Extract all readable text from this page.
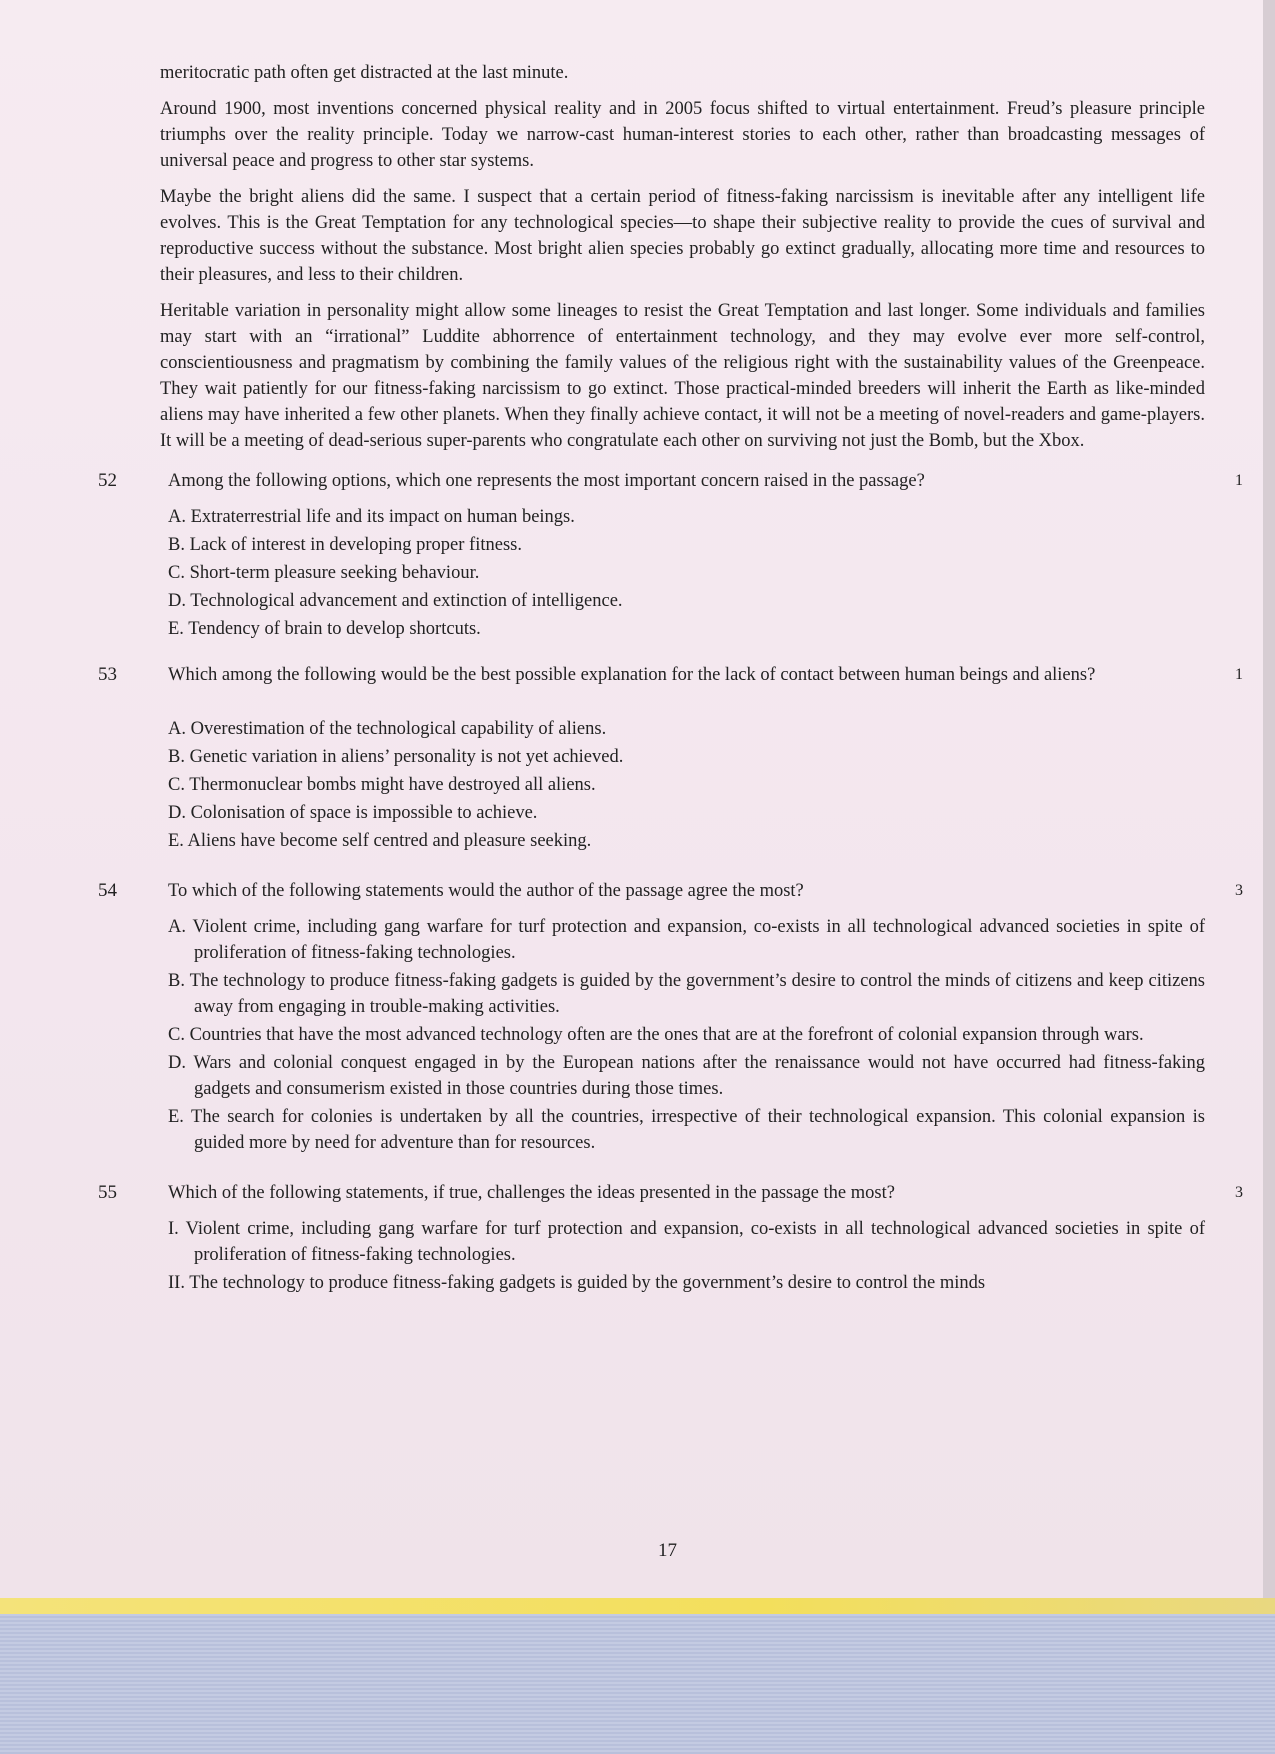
meritocratic path often get distracted at the last minute.

Around 1900, most inventions concerned physical reality and in 2005 focus shifted to virtual entertainment. Freud’s pleasure principle triumphs over the reality principle. Today we narrow-cast human-interest stories to each other, rather than broadcasting messages of universal peace and progress to other star systems.

Maybe the bright aliens did the same. I suspect that a certain period of fitness-faking narcissism is inevitable after any intelligent life evolves. This is the Great Temptation for any technological species—to shape their subjective reality to provide the cues of survival and reproductive success without the substance. Most bright alien species probably go extinct gradually, allocating more time and resources to their pleasures, and less to their children.

Heritable variation in personality might allow some lineages to resist the Great Temptation and last longer. Some individuals and families may start with an “irrational” Luddite abhorrence of entertainment technology, and they may evolve ever more self-control, conscientiousness and pragmatism by combining the family values of the religious right with the sustainability values of the Greenpeace. They wait patiently for our fitness-faking narcissism to go extinct. Those practical-minded breeders will inherit the Earth as like-minded aliens may have inherited a few other planets. When they finally achieve contact, it will not be a meeting of novel-readers and game-players. It will be a meeting of dead-serious super-parents who congratulate each other on surviving not just the Bomb, but the Xbox.

52	1

Among the following options, which one represents the most important concern raised in the passage?

A. Extraterrestrial life and its impact on human beings.
B. Lack of interest in developing proper fitness.
C. Short-term pleasure seeking behaviour.
D. Technological advancement and extinction of intelligence.
E. Tendency of brain to develop shortcuts.
53	1

Which among the following would be the best possible explanation for the lack of contact between human beings and aliens?

A. Overestimation of the technological capability of aliens.
B. Genetic variation in aliens’ personality is not yet achieved.
C. Thermonuclear bombs might have destroyed all aliens.
D. Colonisation of space is impossible to achieve.
E. Aliens have become self centred and pleasure seeking.
54	3

To which of the following statements would the author of the passage agree the most?

A. Violent crime, including gang warfare for turf protection and expansion, co-exists in all technological advanced societies in spite of proliferation of fitness-faking technologies.
B. The technology to produce fitness-faking gadgets is guided by the government’s desire to control the minds of citizens and keep citizens away from engaging in trouble-making activities.
C. Countries that have the most advanced technology often are the ones that are at the forefront of colonial expansion through wars.
D. Wars and colonial conquest engaged in by the European nations after the renaissance would not have occurred had fitness-faking gadgets and consumerism existed in those countries during those times.
E. The search for colonies is undertaken by all the countries, irrespective of their technological expansion. This colonial expansion is guided more by need for adventure than for resources.
55	3

Which of the following statements, if true, challenges the ideas presented in the passage the most?

I. Violent crime, including gang warfare for turf protection and expansion, co-exists in all technological advanced societies in spite of proliferation of fitness-faking technologies.
II. The technology to produce fitness-faking gadgets is guided by the government’s desire to control the minds
17
